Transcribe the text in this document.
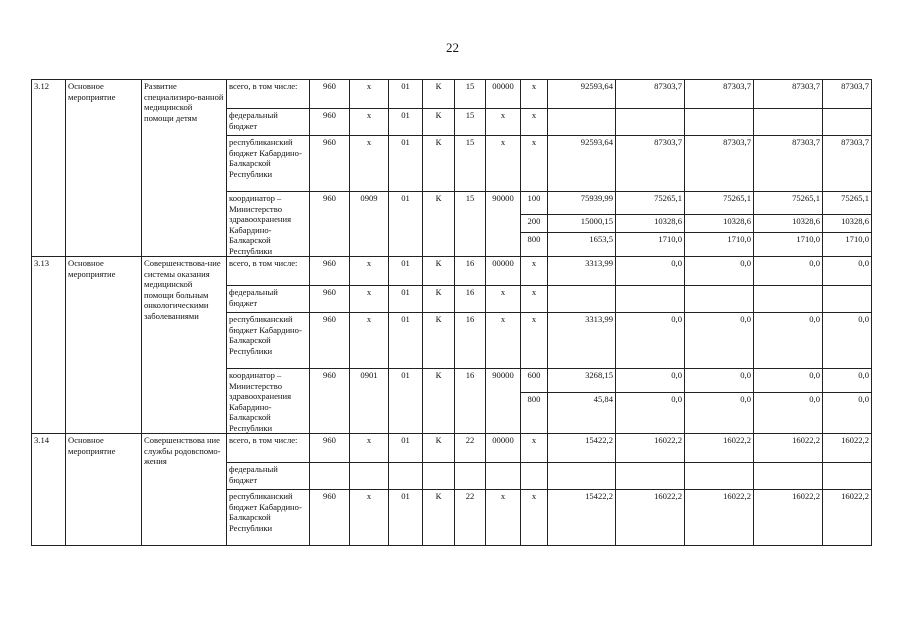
22
3.12	Основное мероприятие	Развитие специализиро-ванной медицинской помощи детям	всего, в том числе:	960	х	01	К	15	00000	х	92593,64	87303,7	87303,7	87303,7	87303,7
			федеральный бюджет	960	х	01	К	15	х	х					
			республиканский бюджет Кабардино-Балкарской Республики	960	х	01	К	15	х	х	92593,64	87303,7	87303,7	87303,7	87303,7
			координатор – Министерство здравоохранения Кабардино-Балкарской Республики	960	0909	01	К	15	90000	100	75939,99	75265,1	75265,1	75265,1	75265,1
										200	15000,15	10328,6	10328,6	10328,6	10328,6
										800	1653,5	1710,0	1710,0	1710,0	1710,0
3.13	Основное мероприятие	Совершенствова-ние системы оказания медицинской помощи больным онкологическими заболеваниями	всего, в том числе:	960	х	01	К	16	00000	х	3313,99	0,0	0,0	0,0	0,0
			федеральный бюджет	960	х	01	К	16	х	х					
			республиканский бюджет Кабардино-Балкарской Республики	960	х	01	К	16	х	х	3313,99	0,0	0,0	0,0	0,0
			координатор – Министерство здравоохранения Кабардино-Балкарской Республики	960	0901	01	К	16	90000	600	3268,15	0,0	0,0	0,0	0,0
										800	45,84	0,0	0,0	0,0	0,0
3.14	Основное мероприятие	Совершенствова ние службы родовспомо-жения	всего, в том числе:	960	х	01	К	22	00000	х	15422,2	16022,2	16022,2	16022,2	16022,2
			федеральный бюджет												
			республиканский бюджет Кабардино-Балкарской Республики	960	х	01	К	22	х	х	15422,2	16022,2	16022,2	16022,2	16022,2
